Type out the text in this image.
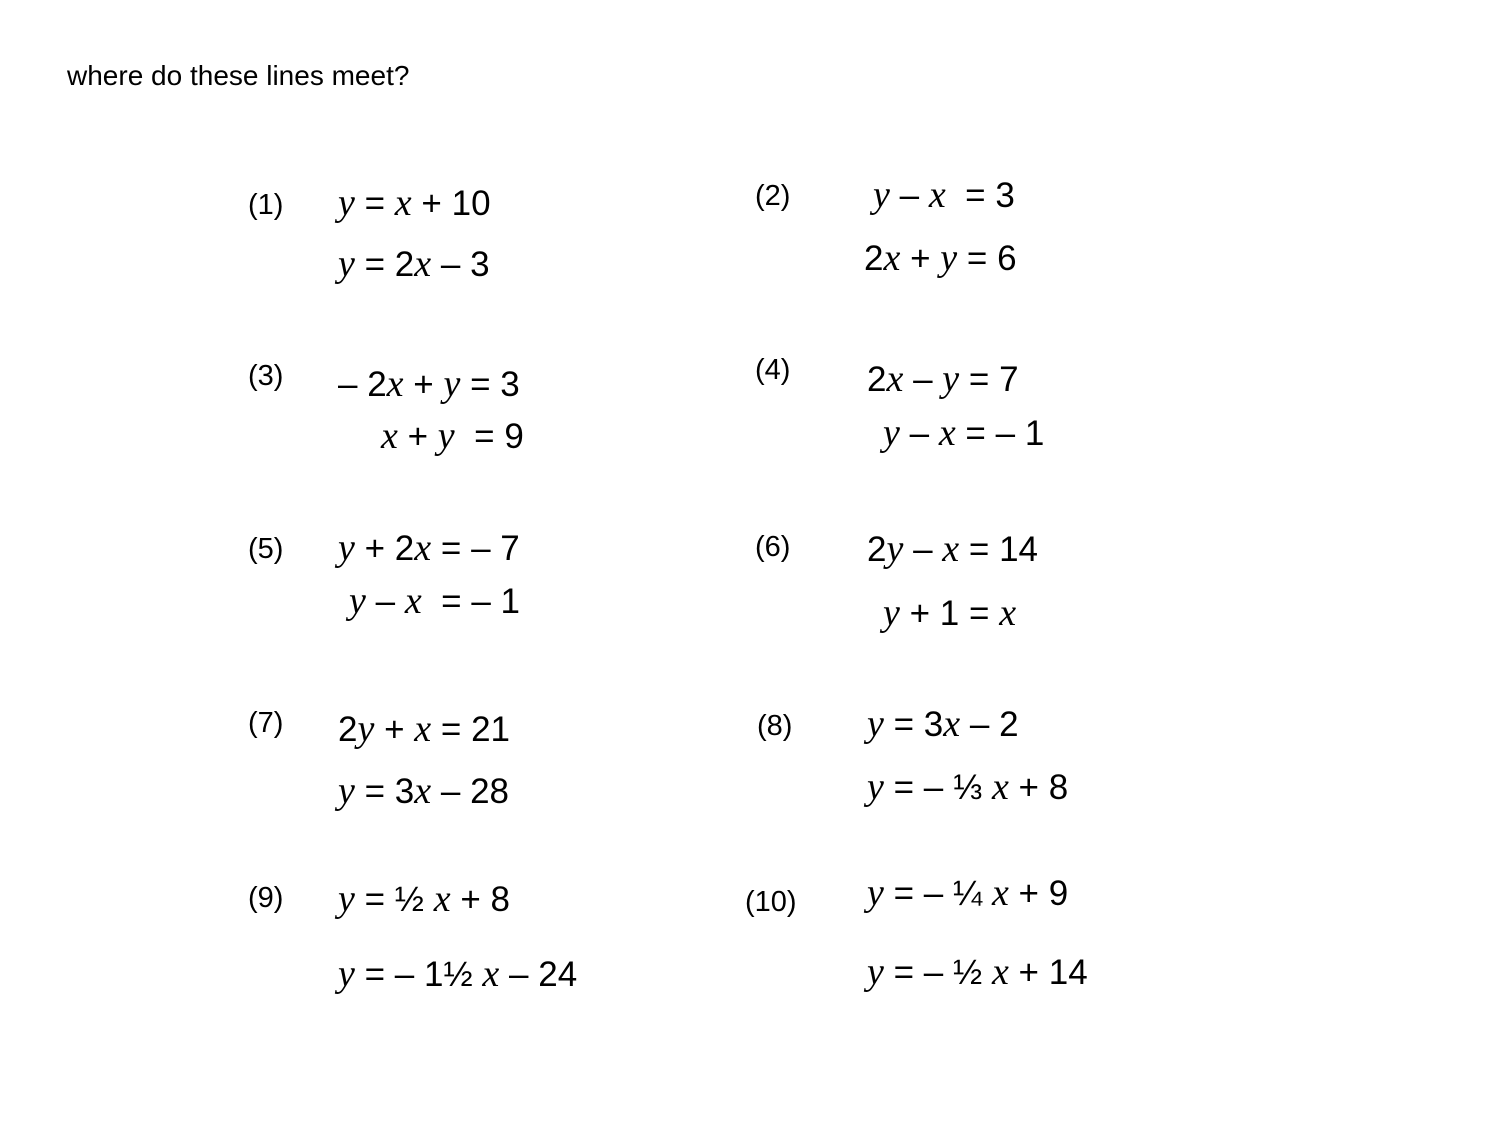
where do these lines meet?
(1) y = x + 10
y = 2x – 3
(2) y – x = 3
2x + y = 6
(3) – 2x + y = 3
x + y = 9
(4) 2x – y = 7
y – x = – 1
(5) y + 2x = – 7
y – x = – 1
(6) 2y – x = 14
y + 1 = x
(7) 2y + x = 21
y = 3x – 28
(8) y = 3x – 2
y = – ⅓ x + 8
(9) y = ½ x + 8
y = – 1½ x – 24
(10) y = – ¼ x + 9
y = – ½ x + 14
